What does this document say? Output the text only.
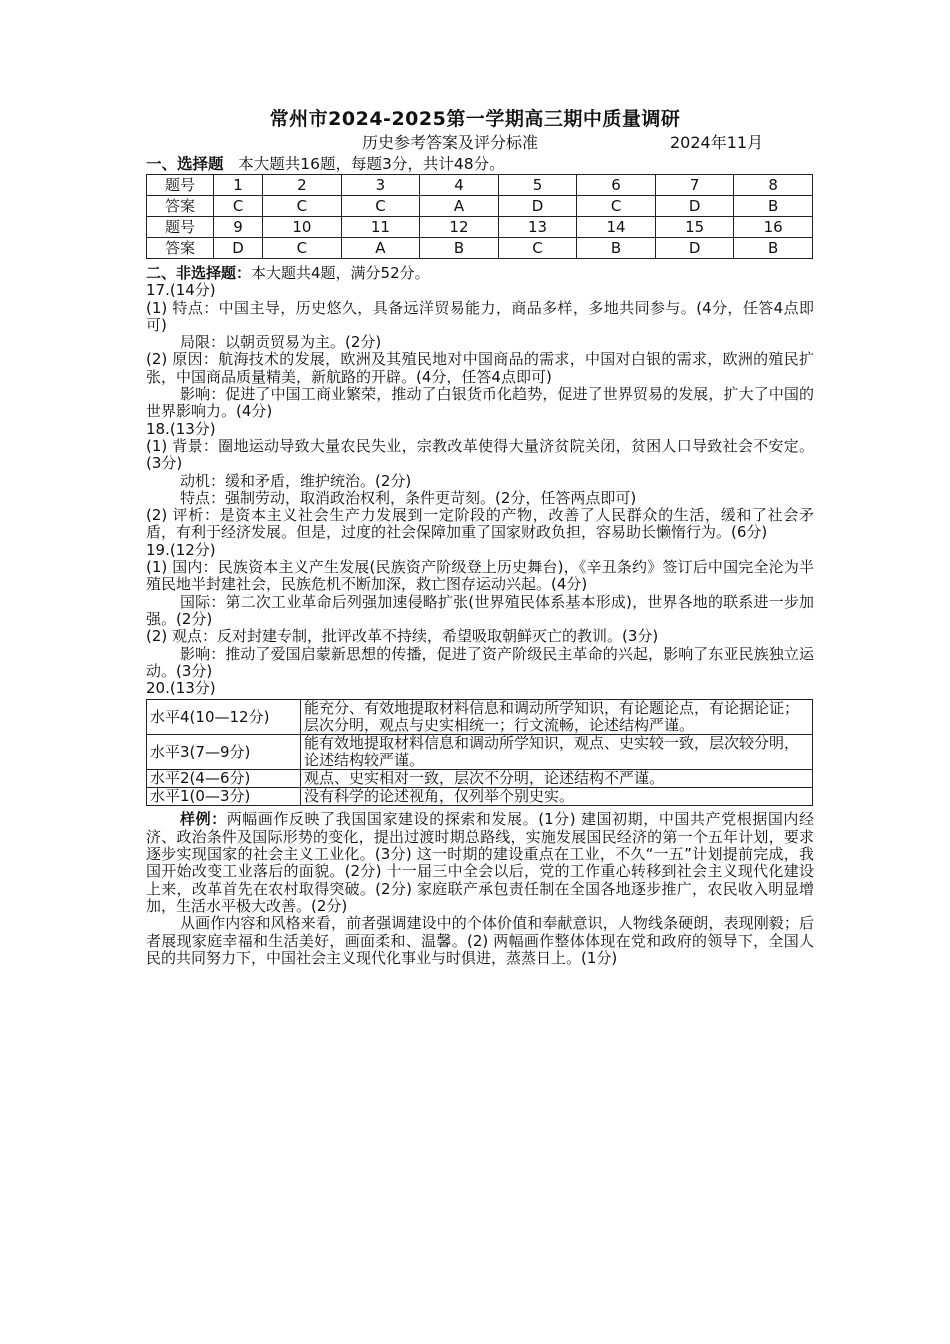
常州市2024-2025第一学期高三期中质量调研
历史参考答案及评分标准	2024年11月
一、选择题 本大题共16题，每题3分，共计48分。
题号	1	2	3	4	5	6	7	8
答案	C	C	C	A	D	C	D	B
题号	9	10	11	12	13	14	15	16
答案	D	C	A	B	C	B	D	B

二、非选择题：本大题共4题，满分52分。

17.(14分)

(1) 特点：中国主导，历史悠久，具备远洋贸易能力，商品多样，多地共同参与。(4分，任答4点即可)

局限：以朝贡贸易为主。(2分)

(2) 原因：航海技术的发展，欧洲及其殖民地对中国商品的需求，中国对白银的需求，欧洲的殖民扩张，中国商品质量精美，新航路的开辟。(4分，任答4点即可)

影响：促进了中国工商业繁荣，推动了白银货币化趋势，促进了世界贸易的发展，扩大了中国的世界影响力。(4分)

18.(13分)

(1) 背景：圈地运动导致大量农民失业，宗教改革使得大量济贫院关闭，贫困人口导致社会不安定。(3分)

动机：缓和矛盾，维护统治。(2分)

特点：强制劳动，取消政治权利，条件更苛刻。(2分，任答两点即可)

(2) 评析：是资本主义社会生产力发展到一定阶段的产物，改善了人民群众的生活，缓和了社会矛盾，有利于经济发展。但是，过度的社会保障加重了国家财政负担，容易助长懒惰行为。(6分)

19.(12分)

(1) 国内：民族资本主义产生发展(民族资产阶级登上历史舞台)，《辛丑条约》签订后中国完全沦为半殖民地半封建社会，民族危机不断加深，救亡图存运动兴起。(4分)

国际：第二次工业革命后列强加速侵略扩张(世界殖民体系基本形成)，世界各地的联系进一步加强。(2分)

(2) 观点：反对封建专制，批评改革不持续，希望吸取朝鲜灭亡的教训。(3分)

影响：推动了爱国启蒙新思想的传播，促进了资产阶级民主革命的兴起，影响了东亚民族独立运动。(3分)

20.(13分)

水平4(10—12分)	能充分、有效地提取材料信息和调动所学知识，有论题论点，有论据论证；层次分明，观点与史实相统一；行文流畅，论述结构严谨。
水平3(7—9分)	能有效地提取材料信息和调动所学知识，观点、史实较一致，层次较分明，论述结构较严谨。
水平2(4—6分)	观点、史实相对一致，层次不分明，论述结构不严谨。
水平1(0—3分)	没有科学的论述视角，仅列举个别史实。

样例：两幅画作反映了我国国家建设的探索和发展。(1分) 建国初期，中国共产党根据国内经济、政治条件及国际形势的变化，提出过渡时期总路线，实施发展国民经济的第一个五年计划，要求逐步实现国家的社会主义工业化。(3分) 这一时期的建设重点在工业，不久“一五”计划提前完成，我国开始改变工业落后的面貌。(2分) 十一届三中全会以后，党的工作重心转移到社会主义现代化建设上来，改革首先在农村取得突破。(2分) 家庭联产承包责任制在全国各地逐步推广，农民收入明显增加，生活水平极大改善。(2分)

从画作内容和风格来看，前者强调建设中的个体价值和奉献意识，人物线条硬朗，表现刚毅；后者展现家庭幸福和生活美好，画面柔和、温馨。(2) 两幅画作整体体现在党和政府的领导下，全国人民的共同努力下，中国社会主义现代化事业与时俱进，蒸蒸日上。(1分)
